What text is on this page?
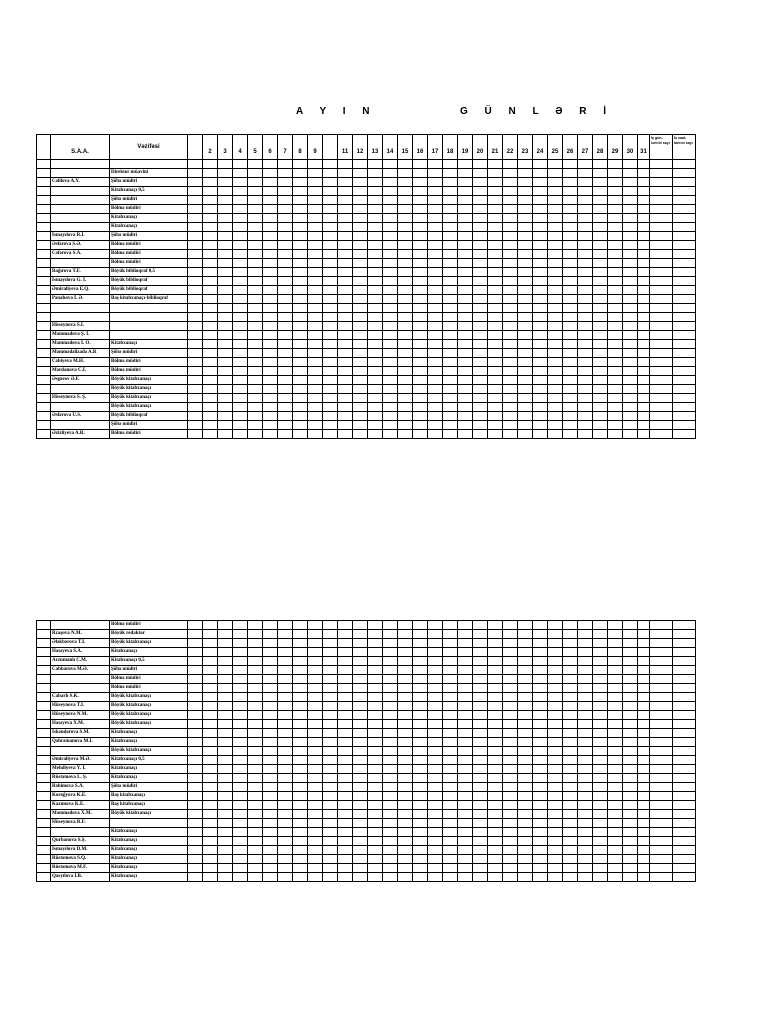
A Y I N	G Ü N L Ə R İ
	S.A.A.	Vəzifəsi		2	3	4	5	6	7	8	9		11	12	13	14	15	16	17	18	19	20	21	22	23	24	25	26	27	28	29	30	31	İş gün-lərinin sayı	İş saat-larının sayı

		Direktor müavini																																	
	Cəlilova A.Y.	Şöbə müdiri																																	
		Kitabxanaçı 0,5																																	
		Şöbə müdiri																																	
		Bölmə müdiri																																	
		Kitabxanaçı																																	
		Kitabxanaçı																																	
	İsmayılova R.İ.	Şöbə müdiri																																	
	Əsfərova S.Ə.	Bölmə müdiri																																	
	Cəfərova S.A.	Bölmə müdiri																																	
		Bölmə müdiri																																	
	Bağırova T.F.	Böyük biblioqraf 0,5																																	
	İsmayılova G. İ.	Böyük biblioqraf																																	
	Əmiraliyeva E.Q.	Böyük biblioqraf																																	
	Pənahova İ. Ə.	Baş kitabxanaçı-biblioqraf																																	

	Hüseynova S.İ.																																		
	Məmmədova Ş. İ.																																		
	Məmmədova İ. O.	Kitabxanaçı																																	
	Məmmədəlizadə A.R	Şöbə müdiri																																	
	Cəbiyeva M.H.	Bölmə müdiri																																	
	Mərdanova C.İ.	Bölmə müdiri																																	
	Əsgərov Ə.F.	Böyük kitabxanaçı																																	
		Böyük kitabxanaçı																																	
	Hüseynova S. Ş.	Böyük kitabxanaçı																																	
		Böyük kitabxanaçı																																	
	Əsfərova U.S.	Böyük biblioqraf																																	
		Şöbə müdiri																																	
	Əzizliyeva A.R.	Bölmə müdiri																																	
		Bölmə müdiri																																	
	Rzaşova N.M.	Böyük redaktor																																	
	Ələkbərova T.İ.	Böyük kitabxanaçı																																	
	Həsəyeva S.A.	Kitabxanaçı																																	
	Arzumanlı C.M.	Kitabxanaçı 0,5																																	
	Cabbarova M.Ə.	Şöbə müdiri																																	
		Bölmə müdiri																																	
		Bölmə müdiri																																	
	Cabarlı S.K.	Böyük kitabxanaçı																																	
	Hüseynova T.İ.	Böyük kitabxanaçı																																	
	Hüseynova N.M.	Böyük kitabxanaçı																																	
	Həsəyeva X.M.	Böyük kitabxanaçı																																	
	İskəndərova S.M.	Kitabxanaçı																																	
	Qəhrəmanova M.İ.	Kitabxanaçı																																	
		Böyük kitabxanaçı																																	
	Əmiraliyeva M.Ə.	Kitabxanaçı 0,5																																	
	Mehdiyeva Y. İ.	Kitabxanaçı																																	
	Rüstəmova L. Ş.	Kitabxanaçı																																	
	Rəhimova S.A.	Şöbə müdiri																																	
	Koroğyova K.E.	Baş kitabxanaçı																																	
	Kazımova K.E.	Baş kitabxanaçı																																	
	Məmmədova X.M.	Böyük kitabxanaçı																																	
	Hüseynova R.F.																																		
		Kitabxanaçı																																	
	Qurbanova S.Ş.	Kitabxanaçı																																	
	İsmayılova D.M.	Kitabxanaçı																																	
	Rüstəmova S.Q.	Kitabxanaçı																																	
	Rüstəmova M.F.	Kitabxanaçı																																	
	Qasyılova İ.B.	Kitabxanaçı																																	
